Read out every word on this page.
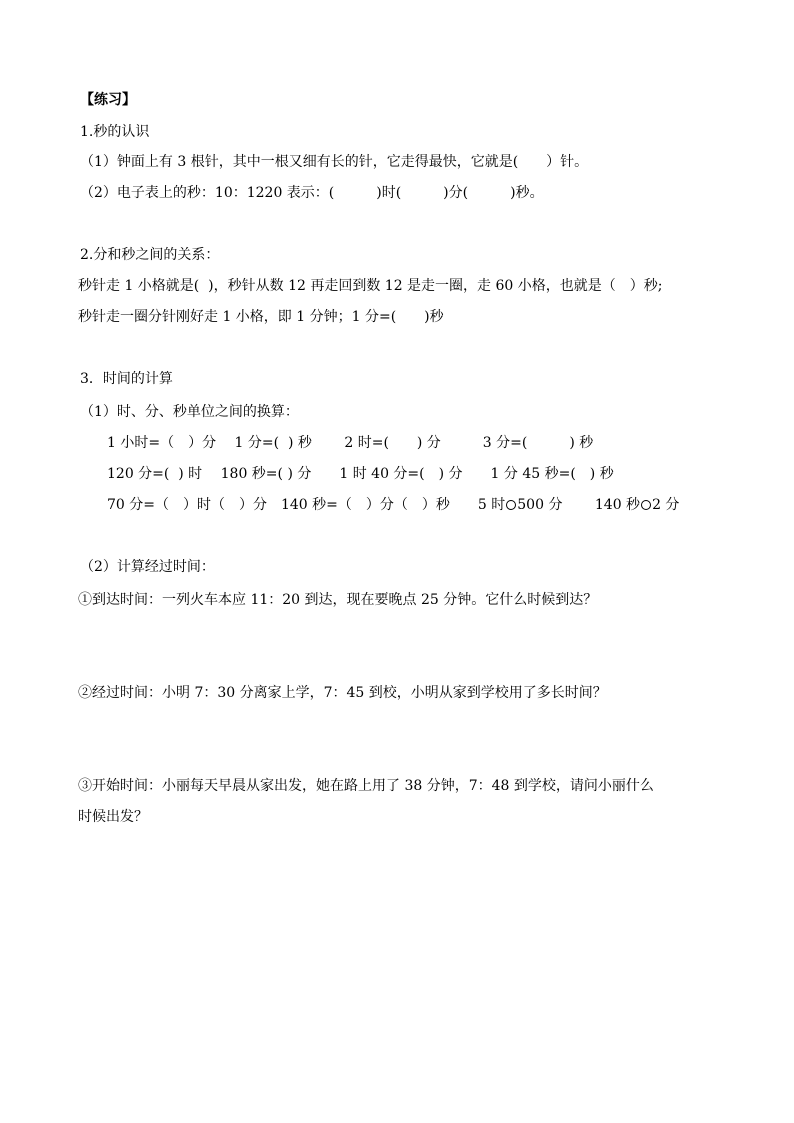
【练习】
1.秒的认识
（1）钟面上有 3 根针，其中一根又细有长的针，它走得最快，它就是(　　）针。
（2）电子表上的秒：10：1220 表示：(　　　)时(　　　)分(　　　)秒。
2.分和秒之间的关系：
秒针走 1 小格就是(  )，秒针从数 12 再走回到数 12 是走一圈，走 60 小格，也就是（　）秒;
秒针走一圈分针刚好走 1 小格，即 1 分钟；1 分=(　　)秒
3．时间的计算
（1）时、分、秒单位之间的换算：
1 小时=（　）分　 1 分=(  ) 秒　　 2 时=(　　) 分　　　3 分=(　　　) 秒
120 分=(  ) 时　 180 秒=( ) 分　　1 时 40 分=(　) 分　　1 分 45 秒=(　) 秒
70 分=（　）时（　）分　140 秒=（　）分（　）秒　　5 时 500 分　　 140 秒 2 分
（2）计算经过时间：
①到达时间：一列火车本应 11：20 到达，现在要晚点 25 分钟。它什么时候到达？
②经过时间：小明 7：30 分离家上学，7：45 到校，小明从家到学校用了多长时间？
③开始时间：小丽每天早晨从家出发，她在路上用了 38 分钟，7：48 到学校，请问小丽什么
时候出发？
